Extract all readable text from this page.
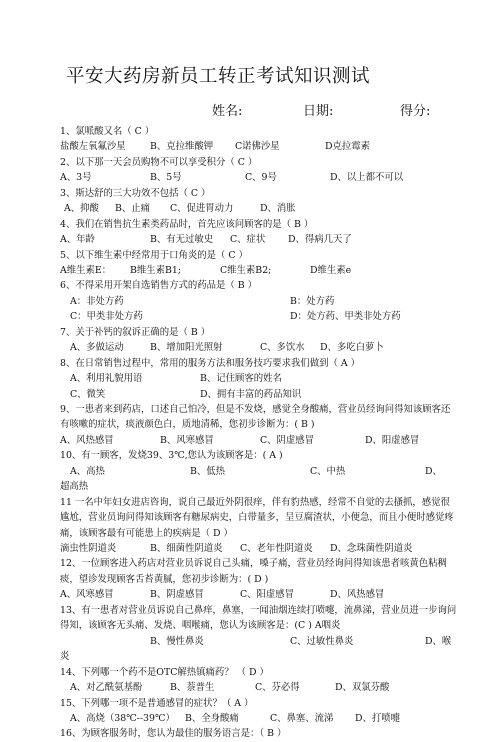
平安大药房新员工转正考试知识测试
姓名:	日期:	得分:
1、氯哌酸又名（ C ）
盐酸左氧氟沙星	B、克拉维酸钾 C诺佛沙星	D克拉霉素
2、以下那一天会员购物不可以享受积分（ C ）
A、3号	B、5号	C、9号	D、以上都不可以
3、斯达舒的三大功效不包括（ C ）
A、抑酸 B、止痛 C、促进胃动力	D、消胀
4、我们在销售抗生素类药品时，首先应该问顾客的是（ B ）
A、年龄	B、有无过敏史 C、症状 D、得病几天了
5、以下维生素中经常用于口角炎的是（ C ）
A维生素E： B维生素B1;	C维生素B2;	D维生素e
6、不得采用开架自选销售方式的药品是（ B ）
A：非处方药	B：处方药
C：甲类非处方药	D：处方药、甲类非处方药
7、关于补钙的叙诉正确的是（ B ）
A、多做运动	B、增加阳光照射	C、多饮水 D、多吃白萝卜
8、在日常销售过程中，常用的服务方法和服务技巧要求我们做到（ A ）
A、利用礼貌用语	B、记住顾客的姓名
C、微笑	D、拥有丰富的药品知识
9、一患者来到药店，口述自己怕冷，但是不发烧，感觉全身酸痛，营业员经询问得知该顾客还有咳嗽的症状，痰液颜色白，质地清稀，您初步诊断为：( B )
A、风热感冒	B、风寒感冒	C、阴虚感冒	D、阳虚感冒
10、有一顾客，发烧39、3℃,您认为该顾客是：( A )
A、高热	B、低热	C、中热	D、
超高热
11 一名中年妇女进店咨询，说自己最近外阴很痒，伴有豹热感，经常不自觉的去搔抓，感觉很尴尬，营业员询问得知该顾客有糖尿病史，白带量多，呈豆腐渣状，小便急，而且小便时感觉疼痛，该顾客最有可能患上的疾病是（ D ）
滴虫性阴道炎	B、细菌性阴道炎 C、老年性阴道炎 D、念珠菌性阴道炎
12、一位顾客进入药店对营业员诉说自己头痛，嗓子痛，营业员经询问得知该患者咳黄色粘稠痰，望诊发现顾客舌苔黄腻，您初步诊断为：( D )
A、风寒感冒	B、阴虚感冒	C、阳虚感冒	D、风热感冒
13、有一患者对营业员诉说自己鼻痒，鼻塞，一闻油烟连续打喷嚏，流鼻涕，营业员进一步询问得知，该顾客无头痛、发烧、咽喉痛，您认为该顾客是：(C ) A咽炎
B、慢性鼻炎	C、过敏性鼻炎	D、喉
炎
14、下列哪一个药不是OTC解热镇痛药？ （ D ）
A、对乙酰氨基酚	B、萘普生	C、芬必得	D、双氯芬酸
15、下列哪一项不是普通感冒的症状？（ A ）
A、高烧（38℃--39℃） B、全身酸痛	C、鼻塞、流涕 D、打喷嚏
16、为顾客服务时，您认为最佳的服务语言是：（ B ）
